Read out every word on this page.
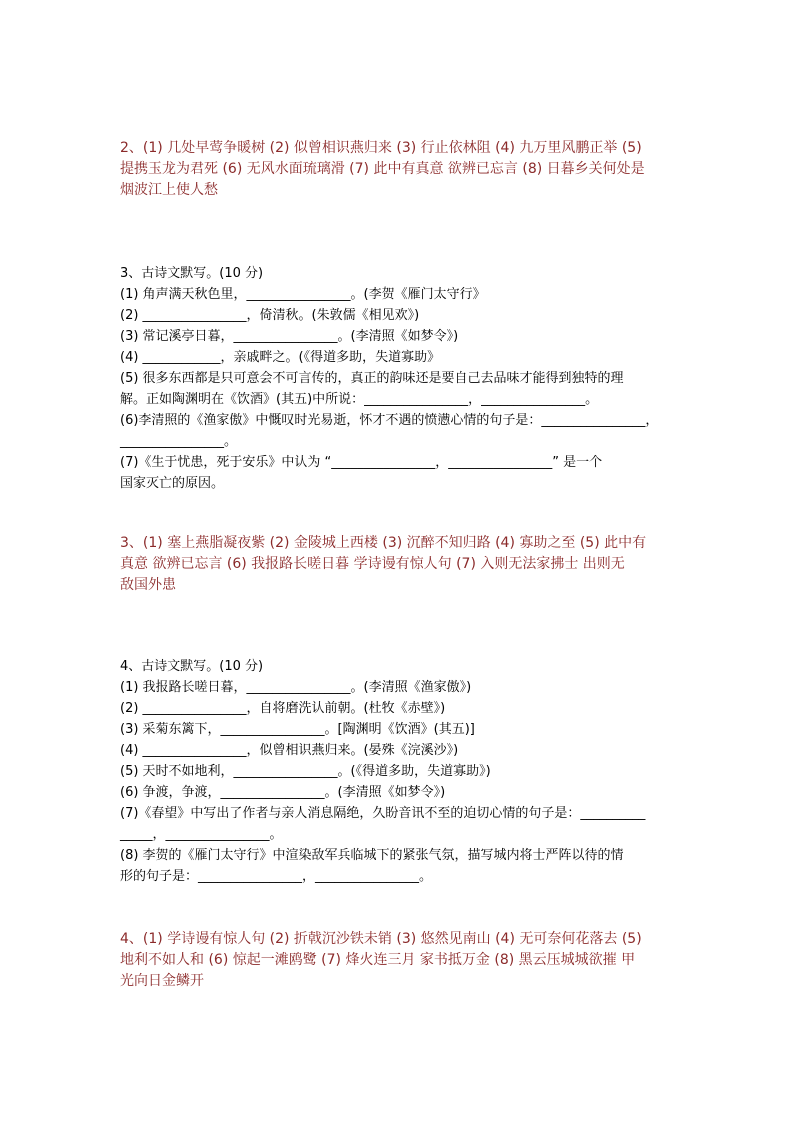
2、(1) 几处早莺争暖树 (2) 似曾相识燕归来 (3) 行止依林阻 (4) 九万里风鹏正举 (5)
提携玉龙为君死 (6) 无风水面琉璃滑 (7) 此中有真意 欲辨已忘言 (8) 日暮乡关何处是
烟波江上使人愁
3、古诗文默写。(10 分)
(1) 角声满天秋色里，________________。(李贺《雁门太守行》
(2) ________________，倚清秋。(朱敦儒《相见欢》)
(3) 常记溪亭日暮，________________。(李清照《如梦令》)
(4) ____________，亲戚畔之。(《得道多助，失道寡助》
(5) 很多东西都是只可意会不可言传的，真正的韵味还是要自己去品味才能得到独特的理
解。正如陶渊明在《饮酒》(其五)中所说：________________，________________。
(6)李清照的《渔家傲》中慨叹时光易逝，怀才不遇的愤懑心情的句子是：________________，
________________。
(7)《生于忧患，死于安乐》中认为 “________________，________________” 是一个
国家灭亡的原因。
3、(1) 塞上燕脂凝夜紫 (2) 金陵城上西楼 (3) 沉醉不知归路 (4) 寡助之至 (5) 此中有
真意 欲辨已忘言 (6) 我报路长嗟日暮 学诗谩有惊人句 (7) 入则无法家拂士 出则无
敌国外患
4、古诗文默写。(10 分)
(1) 我报路长嗟日暮，________________。(李清照《渔家傲》)
(2) ________________，自将磨洗认前朝。(杜牧《赤壁》)
(3) 采菊东篱下，________________。[陶渊明《饮酒》(其五)]
(4) ________________，似曾相识燕归来。(晏殊《浣溪沙》)
(5) 天时不如地利，________________。(《得道多助，失道寡助》)
(6) 争渡，争渡，________________。(李清照《如梦令》)
(7)《春望》中写出了作者与亲人消息隔绝，久盼音讯不至的迫切心情的句子是：__________
_____，________________。
(8) 李贺的《雁门太守行》中渲染敌军兵临城下的紧张气氛，描写城内将士严阵以待的情
形的句子是：________________，________________。
4、(1) 学诗谩有惊人句 (2) 折戟沉沙铁未销 (3) 悠然见南山 (4) 无可奈何花落去 (5)
地利不如人和 (6) 惊起一滩鸥鹭 (7) 烽火连三月 家书抵万金 (8) 黑云压城城欲摧 甲
光向日金鳞开
